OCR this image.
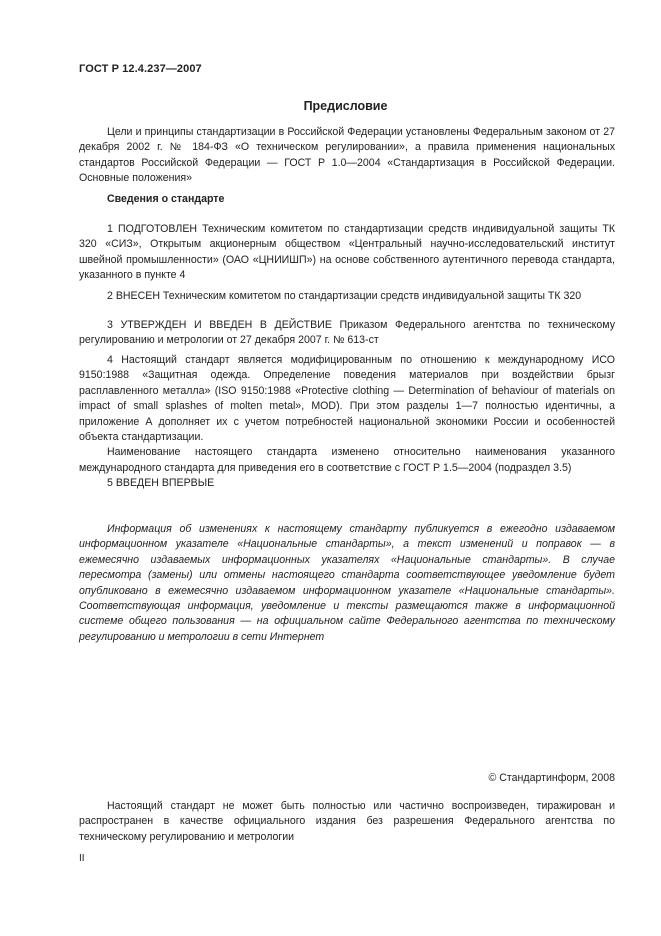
ГОСТ Р 12.4.237—2007
Предисловие

Цели и принципы стандартизации в Российской Федерации установлены Федеральным законом от 27 декабря 2002 г. № 184-ФЗ «О техническом регулировании», а правила применения национальных стандартов Российской Федерации — ГОСТ Р 1.0—2004 «Стандартизация в Российской Федерации. Основные положения»

Сведения о стандарте

1 ПОДГОТОВЛЕН Техническим комитетом по стандартизации средств индивидуальной защиты ТК 320 «СИЗ», Открытым акционерным обществом «Центральный научно-исследовательский институт швейной промышленности» (ОАО «ЦНИИШП») на основе собственного аутентичного перевода стандарта, указанного в пункте 4

2 ВНЕСЕН Техническим комитетом по стандартизации средств индивидуальной защиты ТК 320

3 УТВЕРЖДЕН И ВВЕДЕН В ДЕЙСТВИЕ Приказом Федерального агентства по техническому регулированию и метрологии от 27 декабря 2007 г. № 613-ст

4 Настоящий стандарт является модифицированным по отношению к международному ИСО 9150:1988 «Защитная одежда. Определение поведения материалов при воздействии брызг расплавленного металла» (ISO 9150:1988 «Protective clothing — Determination of behaviour of materials on impact of small splashes of molten metal», MOD). При этом разделы 1—7 полностью идентичны, а приложение А дополняет их с учетом потребностей национальной экономики России и особенностей объекта стандартизации.

Наименование настоящего стандарта изменено относительно наименования указанного международного стандарта для приведения его в соответствие с ГОСТ Р 1.5—2004 (подраздел 3.5)

5 ВВЕДЕН ВПЕРВЫЕ

Информация об изменениях к настоящему стандарту публикуется в ежегодно издаваемом информационном указателе «Национальные стандарты», а текст изменений и поправок — в ежемесячно издаваемых информационных указателях «Национальные стандарты». В случае пересмотра (замены) или отмены настоящего стандарта соответствующее уведомление будет опубликовано в ежемесячно издаваемом информационном указателе «Национальные стандарты». Соответствующая информация, уведомление и тексты размещаются также в информационной системе общего пользования — на официальном сайте Федерального агентства по техническому регулированию и метрологии в сети Интернет

© Стандартинформ, 2008

Настоящий стандарт не может быть полностью или частично воспроизведен, тиражирован и распространен в качестве официального издания без разрешения Федерального агентства по техническому регулированию и метрологии

II
